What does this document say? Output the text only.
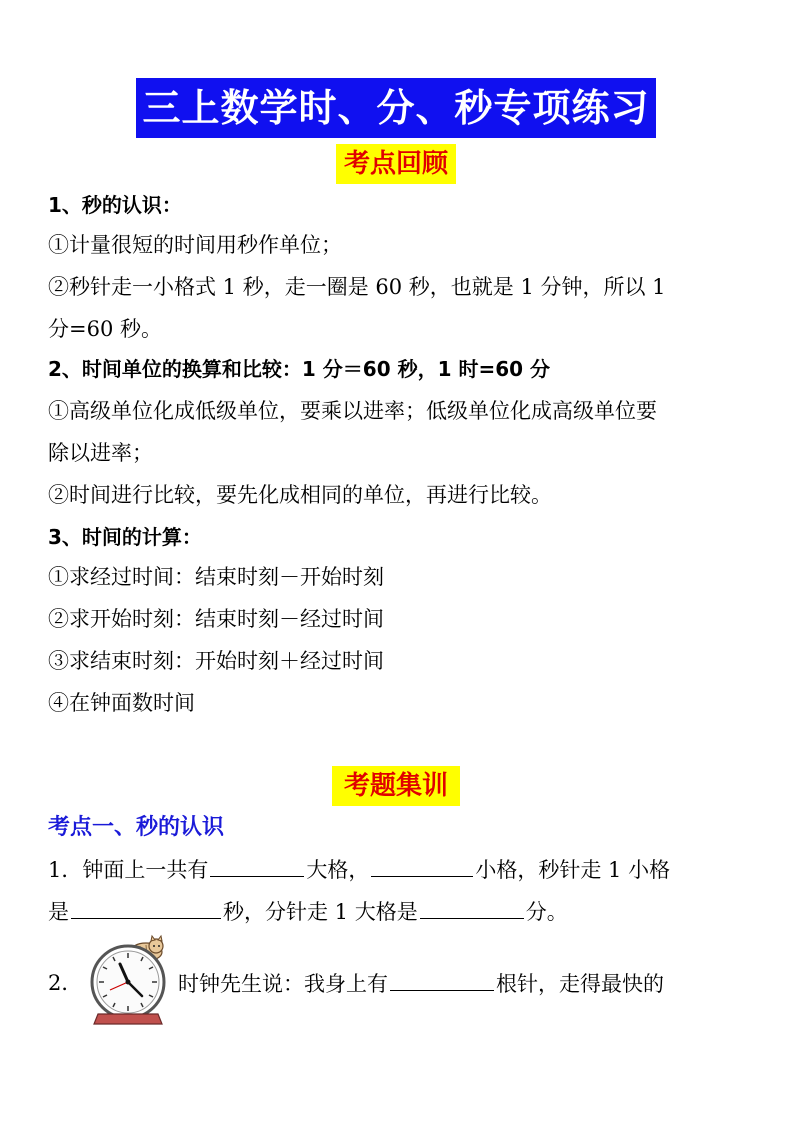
三上数学时、分、秒专项练习
考点回顾
1、秒的认识：
①计量很短的时间用秒作单位；
②秒针走一小格式 1 秒，走一圈是 60 秒，也就是 1 分钟，所以 1
分=60 秒。
2、时间单位的换算和比较：1 分＝60 秒，1 时=60 分
①高级单位化成低级单位，要乘以进率；低级单位化成高级单位要
除以进率；
②时间进行比较，要先化成相同的单位，再进行比较。
3、时间的计算：
①求经过时间：结束时刻－开始时刻
②求开始时刻：结束时刻－经过时间
③求结束时刻：开始时刻＋经过时间
④在钟面数时间
考题集训
考点一、秒的认识
1．钟面上一共有	大格，	小格，秒针走 1 小格
是	秒，分针走 1 大格是	分。
2．	时钟先生说：我身上有	根针，走得最快的
